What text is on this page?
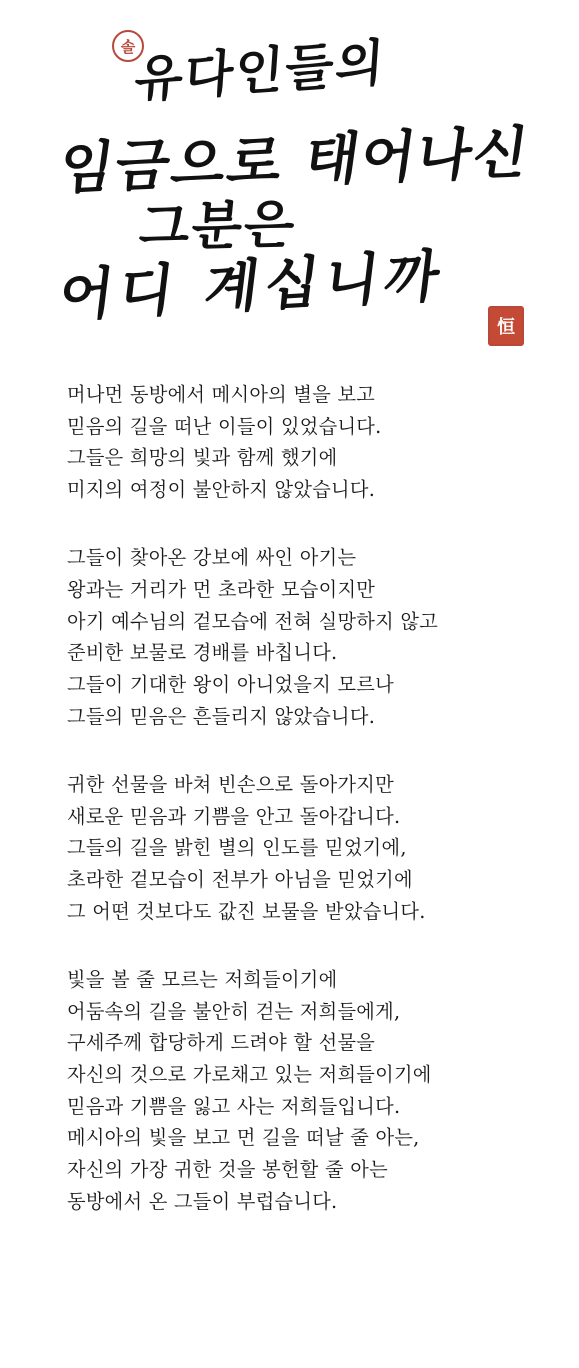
솔
유다인들의
임금으로 태어나신
그분은
어디 계십니까	恒
머나먼 동방에서 메시아의 별을 보고
믿음의 길을 떠난 이들이 있었습니다.
그들은 희망의 빛과 함께 했기에
미지의 여정이 불안하지 않았습니다.
그들이 찾아온 강보에 싸인 아기는
왕과는 거리가 먼 초라한 모습이지만
아기 예수님의 겉모습에 전혀 실망하지 않고
준비한 보물로 경배를 바칩니다.
그들이 기대한 왕이 아니었을지 모르나
그들의 믿음은 흔들리지 않았습니다.
귀한 선물을 바쳐 빈손으로 돌아가지만
새로운 믿음과 기쁨을 안고 돌아갑니다.
그들의 길을 밝힌 별의 인도를 믿었기에,
초라한 겉모습이 전부가 아님을 믿었기에
그 어떤 것보다도 값진 보물을 받았습니다.
빛을 볼 줄 모르는 저희들이기에
어둠속의 길을 불안히 걷는 저희들에게,
구세주께 합당하게 드려야 할 선물을
자신의 것으로 가로채고 있는 저희들이기에
믿음과 기쁨을 잃고 사는 저희들입니다.
메시아의 빛을 보고 먼 길을 떠날 줄 아는,
자신의 가장 귀한 것을 봉헌할 줄 아는
동방에서 온 그들이 부럽습니다.
